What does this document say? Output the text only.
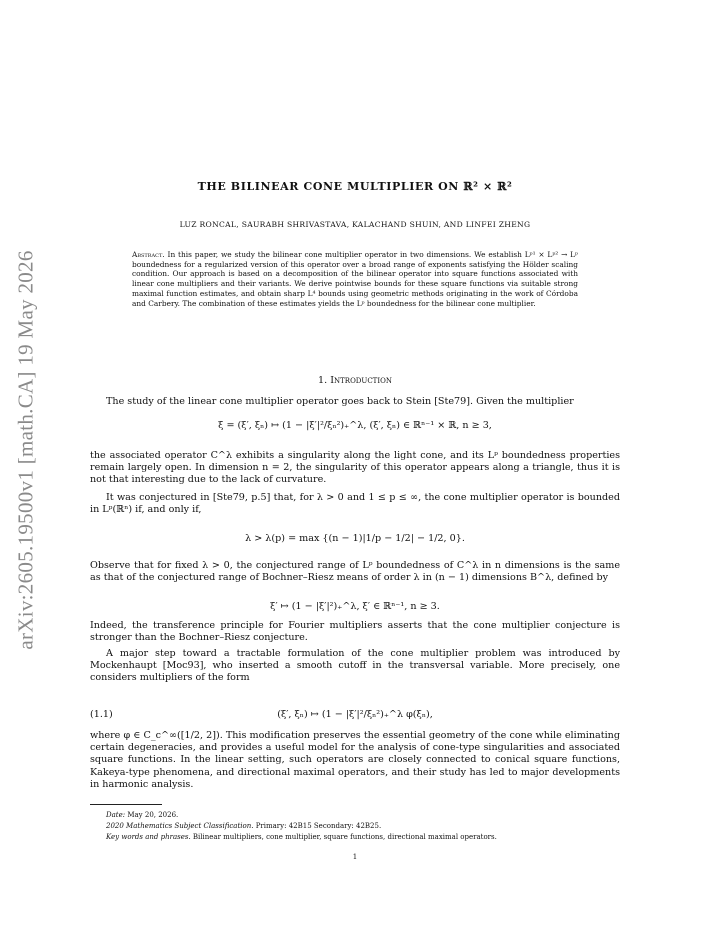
arXiv:2605.19500v1 [math.CA] 19 May 2026
THE BILINEAR CONE MULTIPLIER ON ℝ² × ℝ²
LUZ RONCAL, SAURABH SHRIVASTAVA, KALACHAND SHUIN, AND LINFEI ZHENG
Abstract. In this paper, we study the bilinear cone multiplier operator in two dimensions. We establish Lᵖ¹ × Lᵖ² → Lᵖ boundedness for a regularized version of this operator over a broad range of exponents satisfying the Hölder scaling condition. Our approach is based on a decomposition of the bilinear operator into square functions associated with linear cone multipliers and their variants. We derive pointwise bounds for these square functions via suitable strong maximal function estimates, and obtain sharp L⁴ bounds using geometric methods originating in the work of Córdoba and Carbery. The combination of these estimates yields the Lᵖ boundedness for the bilinear cone multiplier.
1. Introduction
The study of the linear cone multiplier operator goes back to Stein [Ste79]. Given the multiplier
ξ = (ξ′, ξₙ) ↦ (1 − |ξ′|²/ξₙ²)₊^λ, (ξ′, ξₙ) ∈ ℝⁿ⁻¹ × ℝ, n ≥ 3,
the associated operator C^λ exhibits a singularity along the light cone, and its Lᵖ boundedness properties remain largely open. In dimension n = 2, the singularity of this operator appears along a triangle, thus it is not that interesting due to the lack of curvature.
It was conjectured in [Ste79, p.5] that, for λ > 0 and 1 ≤ p ≤ ∞, the cone multiplier operator is bounded in Lᵖ(ℝⁿ) if, and only if,
λ > λ(p) = max {(n − 1)|1/p − 1/2| − 1/2, 0}.
Observe that for fixed λ > 0, the conjectured range of Lᵖ boundedness of C^λ in n dimensions is the same as that of the conjectured range of Bochner–Riesz means of order λ in (n − 1) dimensions B^λ, defined by
ξ′ ↦ (1 − |ξ′|²)₊^λ, ξ′ ∈ ℝⁿ⁻¹, n ≥ 3.
Indeed, the transference principle for Fourier multipliers asserts that the cone multiplier conjecture is stronger than the Bochner–Riesz conjecture.
A major step toward a tractable formulation of the cone multiplier problem was introduced by Mockenhaupt [Moc93], who inserted a smooth cutoff in the transversal variable. More precisely, one considers multipliers of the form
(1.1)	(ξ′, ξₙ) ↦ (1 − |ξ′|²/ξₙ²)₊^λ φ(ξₙ),
where φ ∈ C_c^∞([1/2, 2]). This modification preserves the essential geometry of the cone while eliminating certain degeneracies, and provides a useful model for the analysis of cone-type singularities and associated square functions. In the linear setting, such operators are closely connected to conical square functions, Kakeya-type phenomena, and directional maximal operators, and their study has led to major developments in harmonic analysis.
Date: May 20, 2026.
2020 Mathematics Subject Classification. Primary: 42B15 Secondary: 42B25.
Key words and phrases. Bilinear multipliers, cone multiplier, square functions, directional maximal operators.
1
